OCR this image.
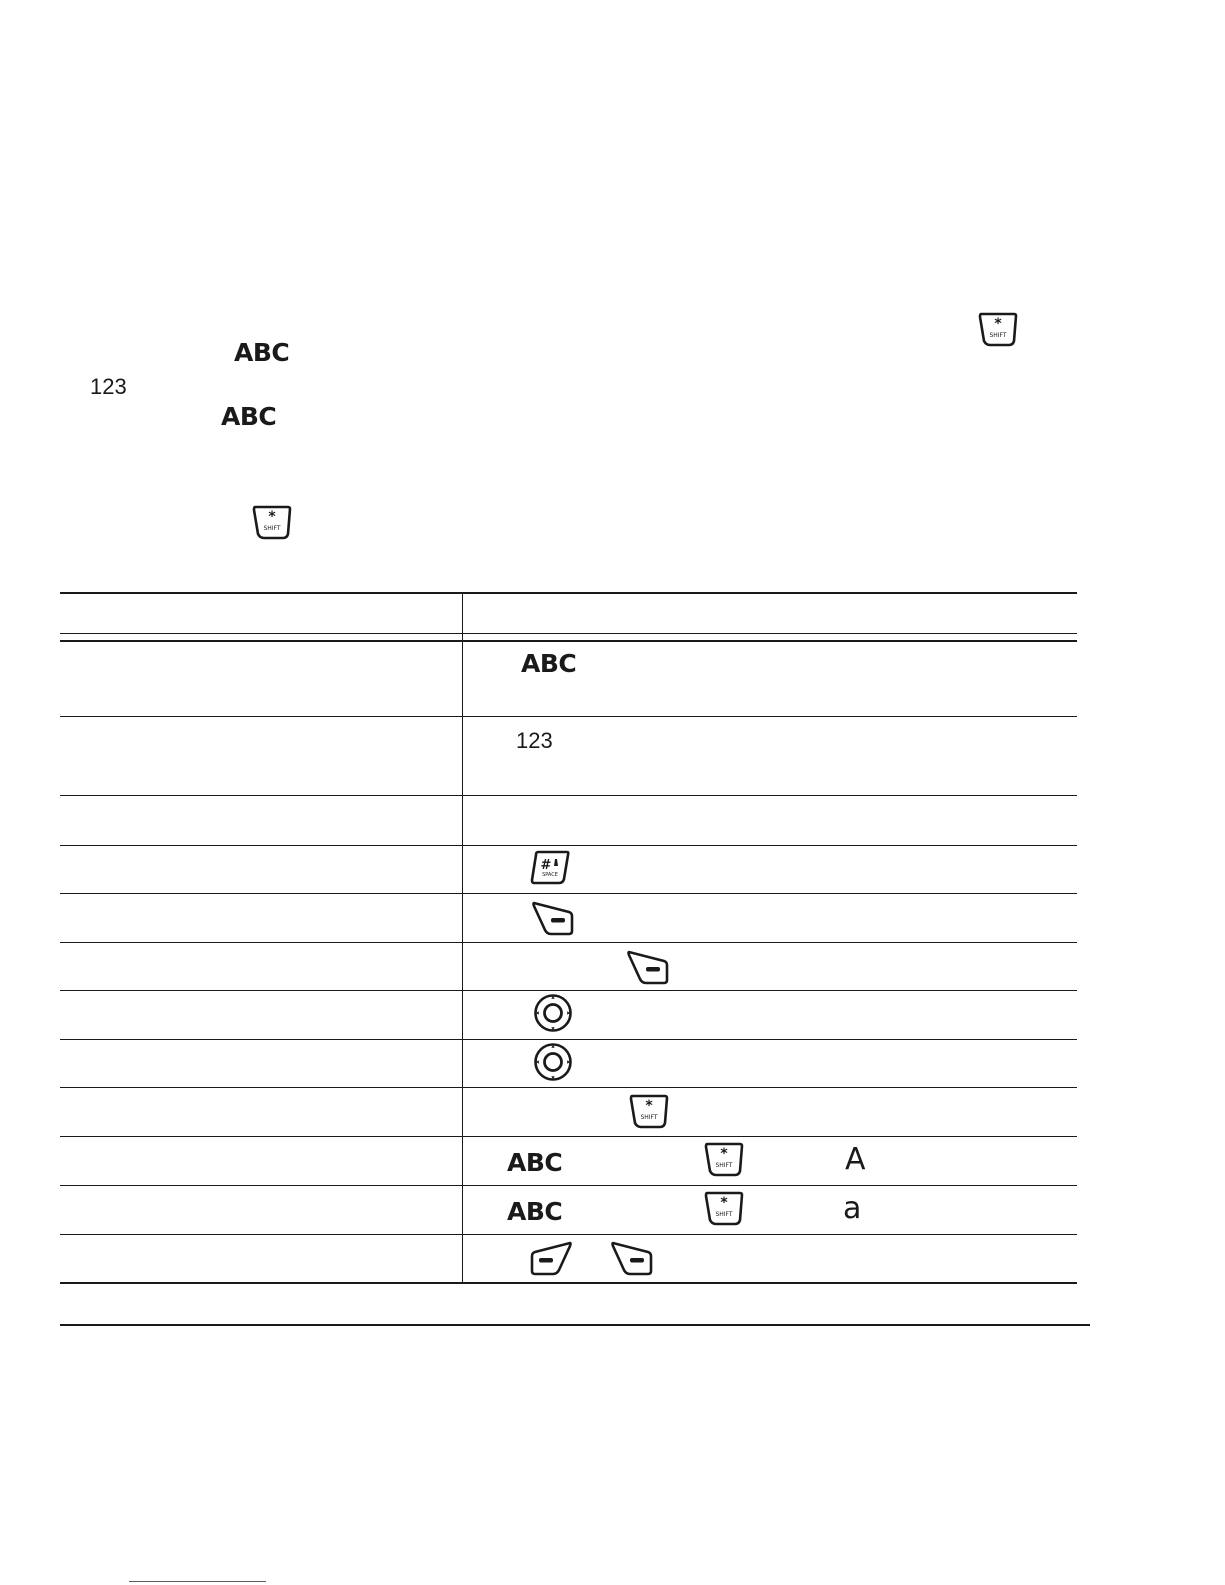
ABC
123
ABC
ABC
123
ABC	A
ABC	a
